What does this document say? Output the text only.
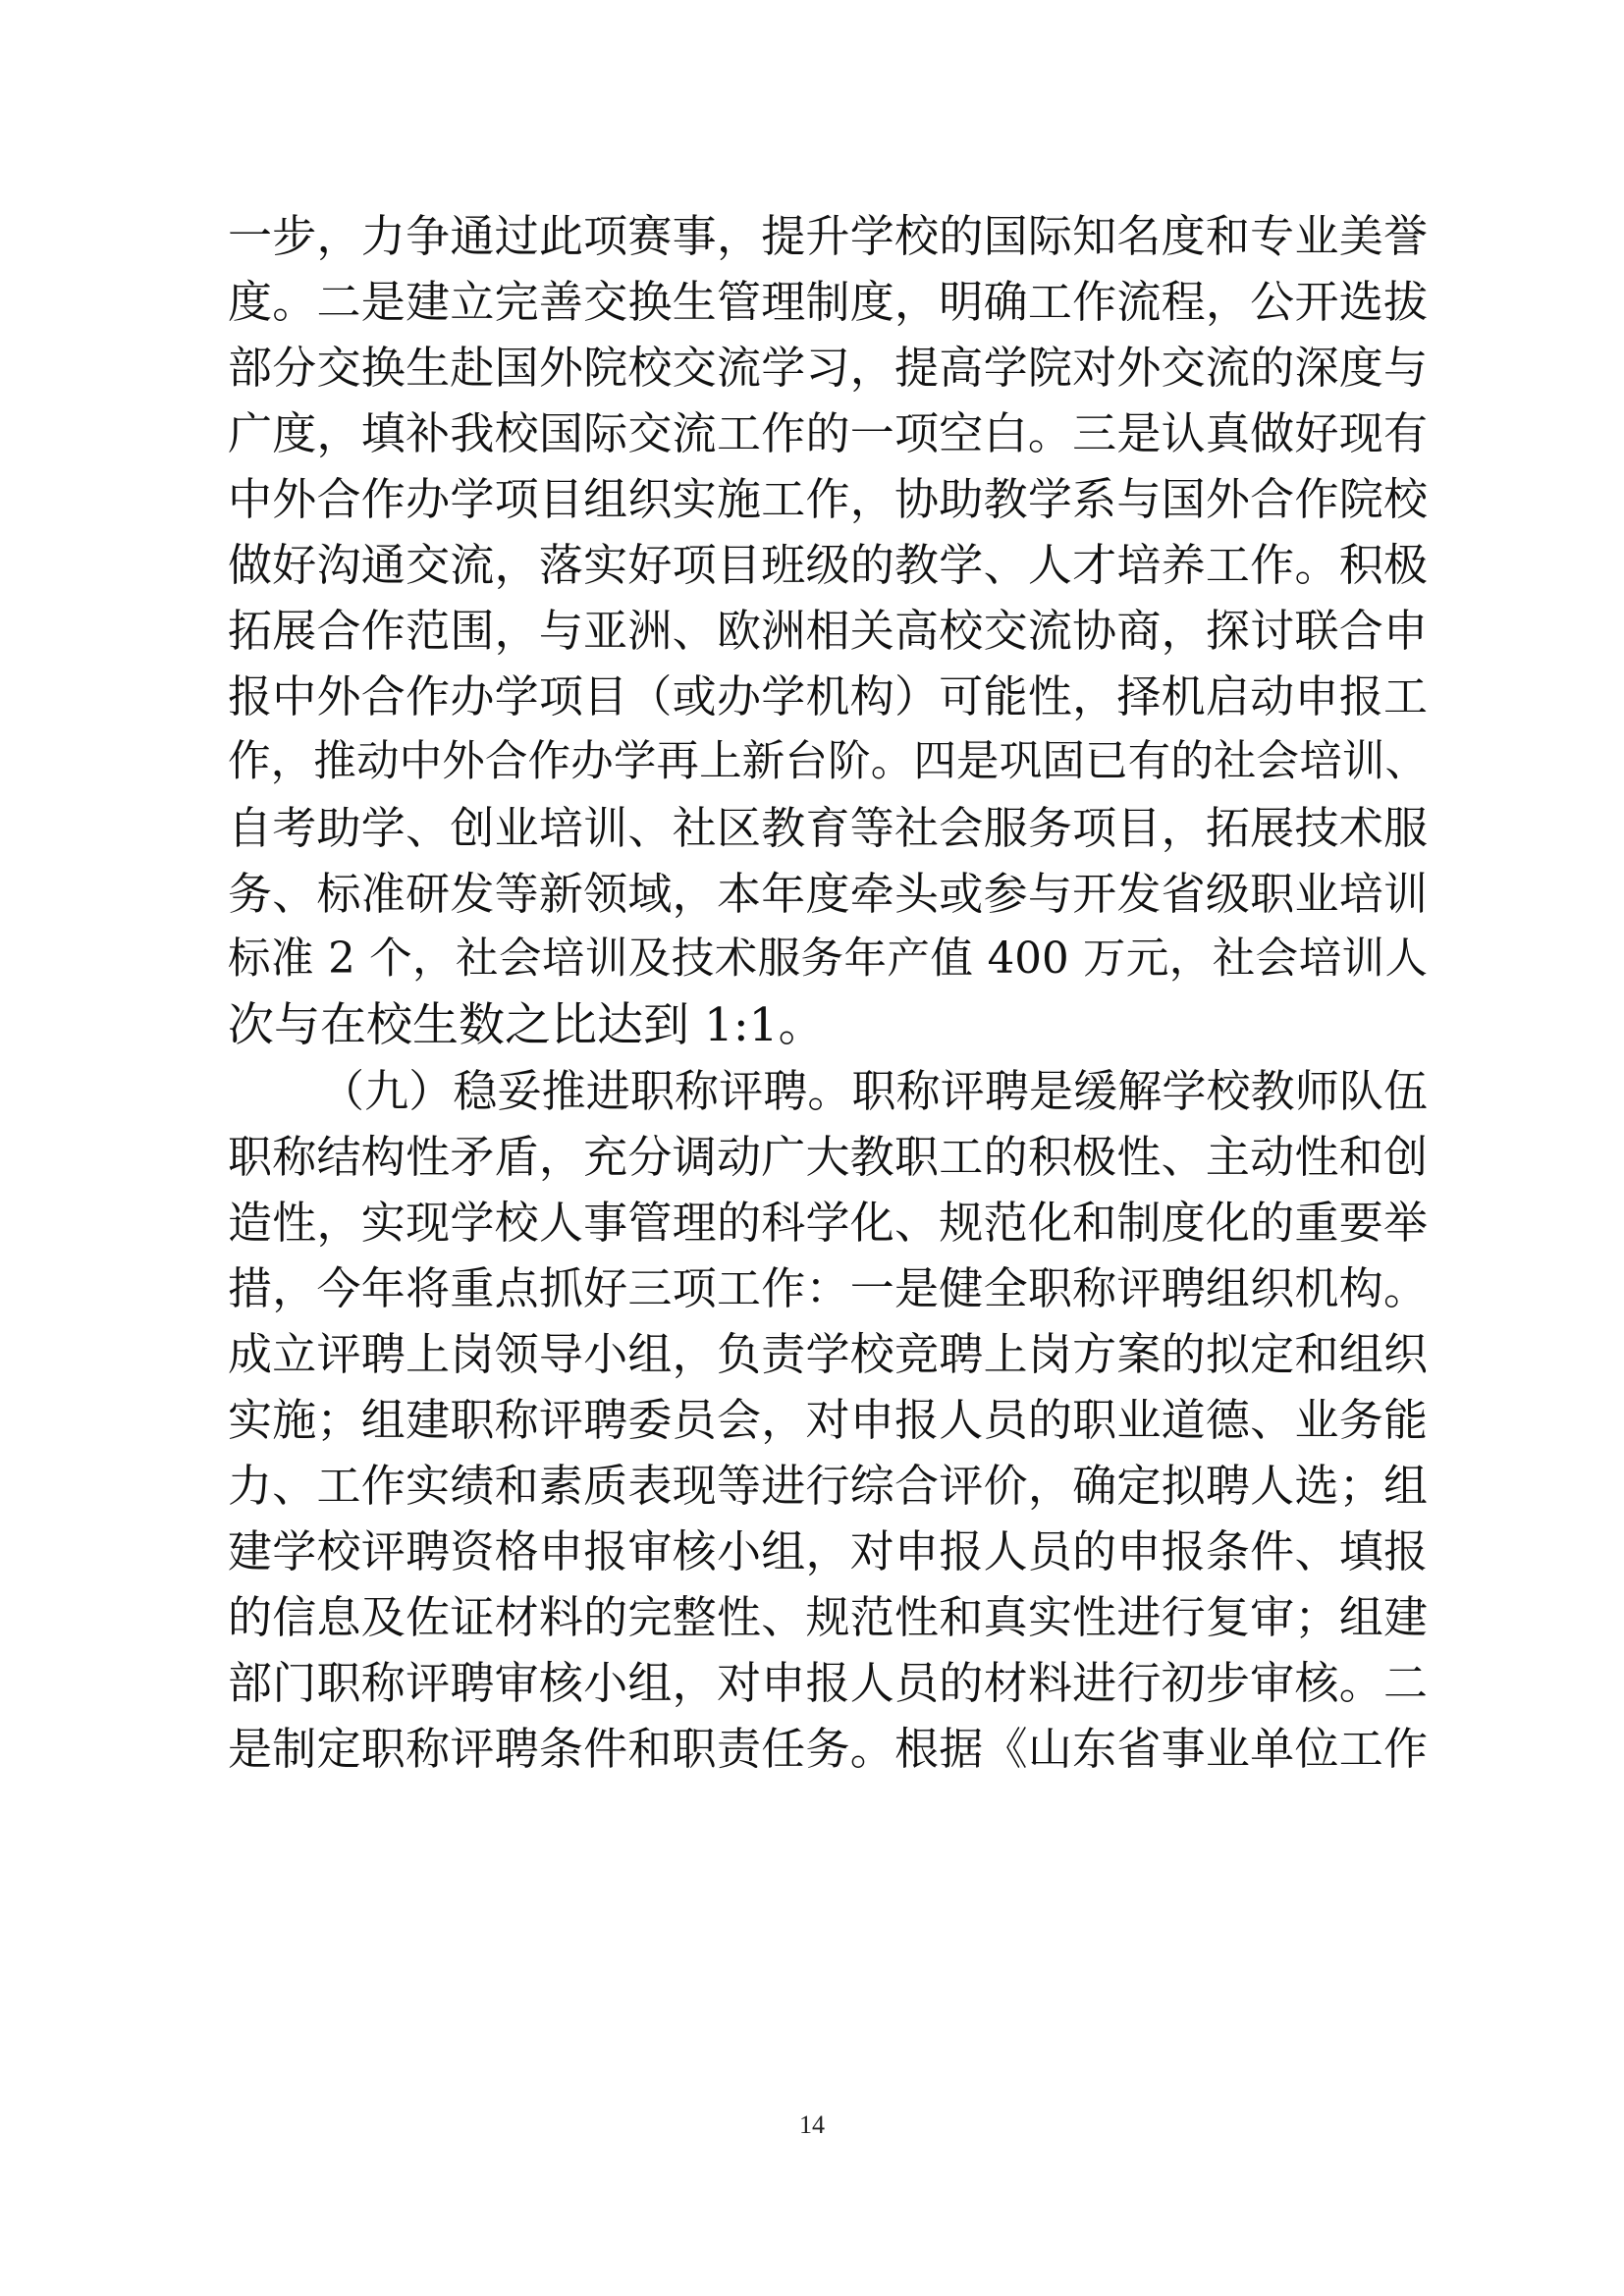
一步，力争通过此项赛事，提升学校的国际知名度和专业美誉
度。二是建立完善交换生管理制度，明确工作流程，公开选拔
部分交换生赴国外院校交流学习，提高学院对外交流的深度与
广度，填补我校国际交流工作的一项空白。三是认真做好现有
中外合作办学项目组织实施工作，协助教学系与国外合作院校
做好沟通交流，落实好项目班级的教学、人才培养工作。积极
拓展合作范围，与亚洲、欧洲相关高校交流协商，探讨联合申
报中外合作办学项目（或办学机构）可能性，择机启动申报工
作，推动中外合作办学再上新台阶。四是巩固已有的社会培训、
自考助学、创业培训、社区教育等社会服务项目，拓展技术服
务、标准研发等新领域，本年度牵头或参与开发省级职业培训
标准 2 个，社会培训及技术服务年产值 400 万元，社会培训人
次与在校生数之比达到 1:1。
（九）稳妥推进职称评聘。职称评聘是缓解学校教师队伍
职称结构性矛盾，充分调动广大教职工的积极性、主动性和创
造性，实现学校人事管理的科学化、规范化和制度化的重要举
措，今年将重点抓好三项工作：一是健全职称评聘组织机构。
成立评聘上岗领导小组，负责学校竞聘上岗方案的拟定和组织
实施；组建职称评聘委员会，对申报人员的职业道德、业务能
力、工作实绩和素质表现等进行综合评价，确定拟聘人选；组
建学校评聘资格申报审核小组，对申报人员的申报条件、填报
的信息及佐证材料的完整性、规范性和真实性进行复审；组建
部门职称评聘审核小组，对申报人员的材料进行初步审核。二
是制定职称评聘条件和职责任务。根据《山东省事业单位工作
14
